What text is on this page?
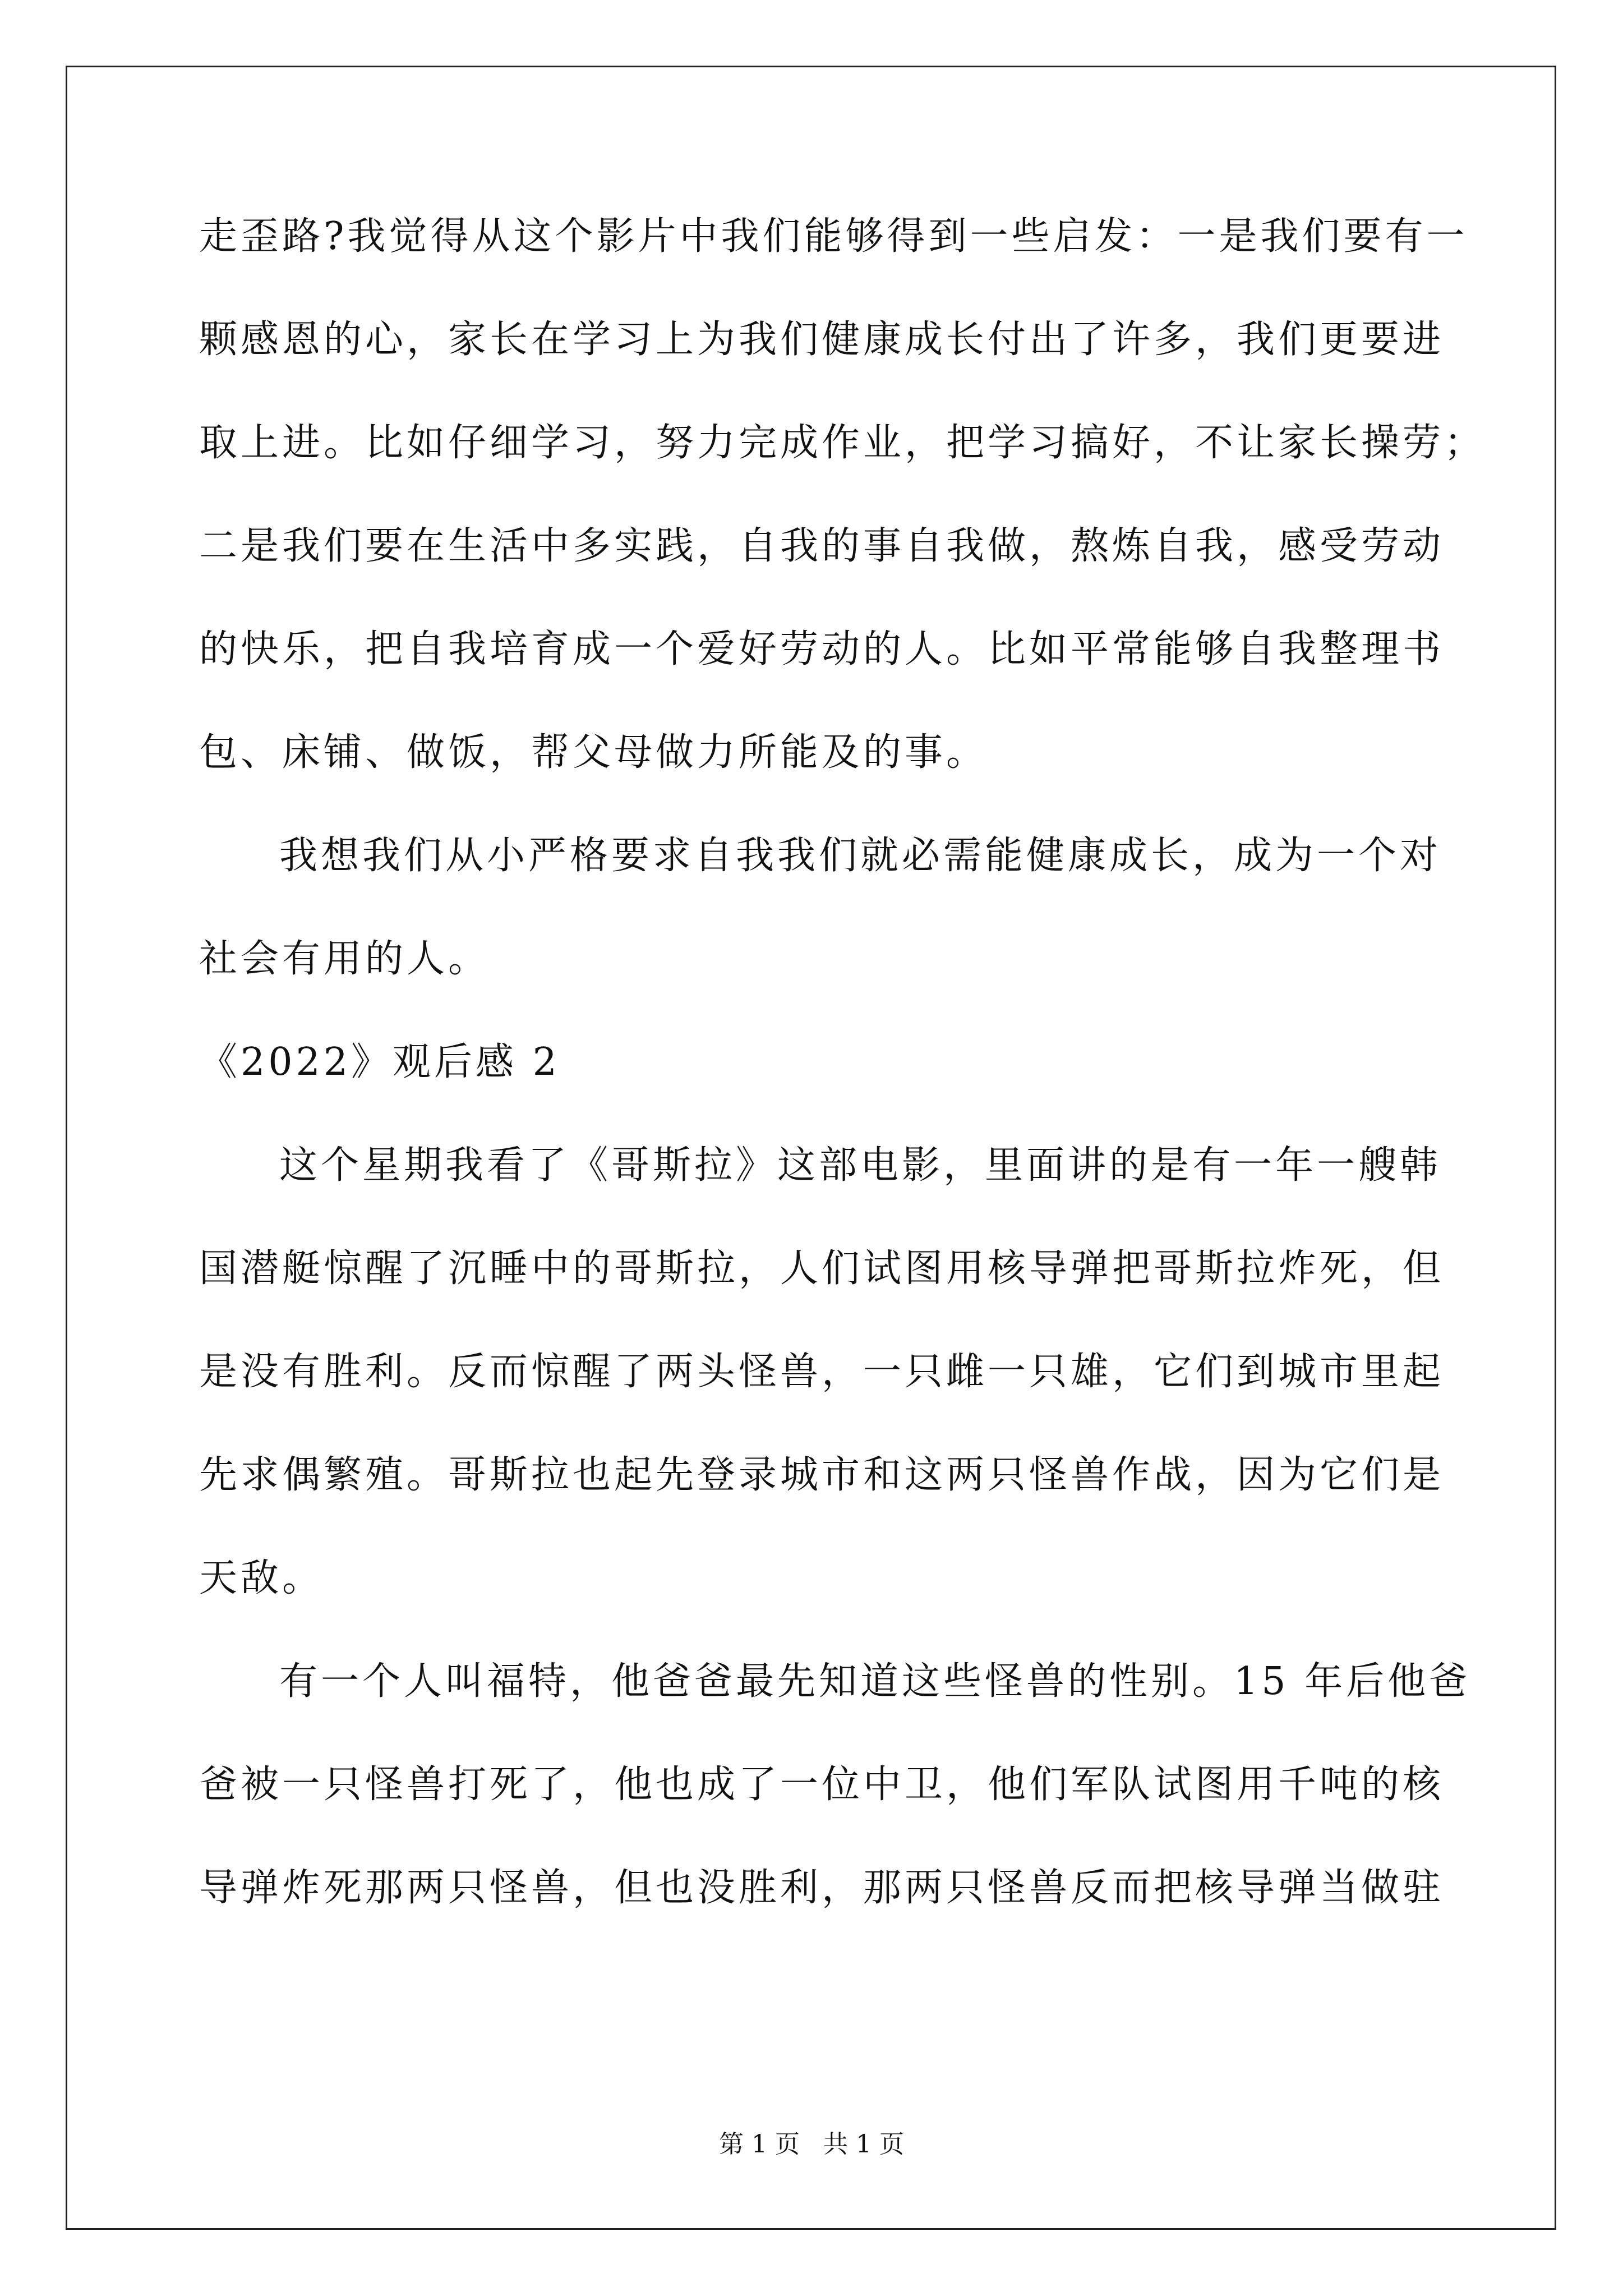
走歪路?我觉得从这个影片中我们能够得到一些启发：一是我们要有一
颗感恩的心，家长在学习上为我们健康成长付出了许多，我们更要进
取上进。比如仔细学习，努力完成作业，把学习搞好，不让家长操劳；
二是我们要在生活中多实践，自我的事自我做，熬炼自我，感受劳动
的快乐，把自我培育成一个爱好劳动的人。比如平常能够自我整理书
包、床铺、做饭，帮父母做力所能及的事。
我想我们从小严格要求自我我们就必需能健康成长，成为一个对
社会有用的人。
《2022》观后感 2
这个星期我看了《哥斯拉》这部电影，里面讲的是有一年一艘韩
国潜艇惊醒了沉睡中的哥斯拉，人们试图用核导弹把哥斯拉炸死，但
是没有胜利。反而惊醒了两头怪兽，一只雌一只雄，它们到城市里起
先求偶繁殖。哥斯拉也起先登录城市和这两只怪兽作战，因为它们是
天敌。
有一个人叫福特，他爸爸最先知道这些怪兽的性别。15 年后他爸
爸被一只怪兽打死了，他也成了一位中卫，他们军队试图用千吨的核
导弹炸死那两只怪兽，但也没胜利，那两只怪兽反而把核导弹当做驻
第 1 页   共 1 页
